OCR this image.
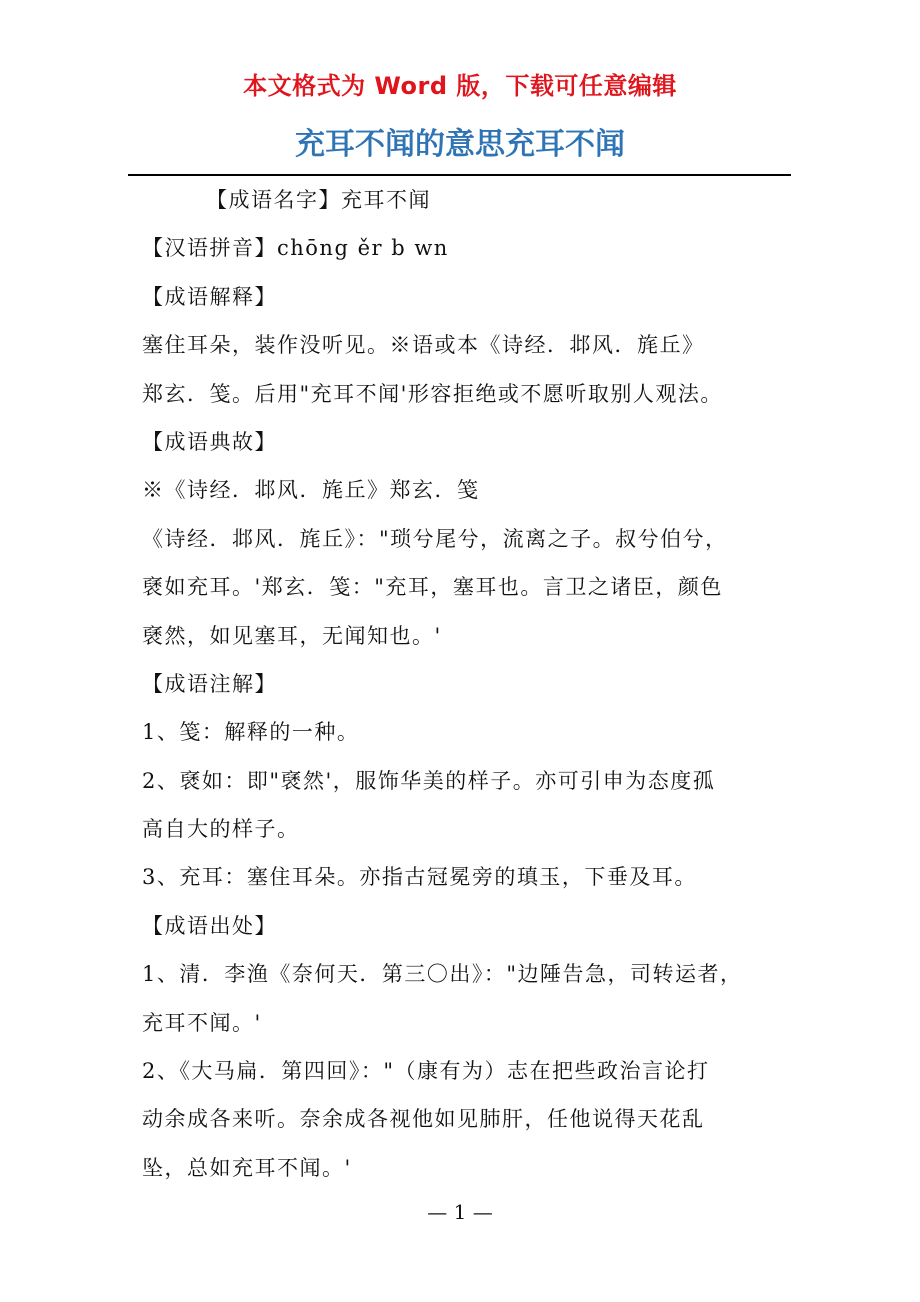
本文格式为 Word 版，下载可任意编辑
充耳不闻的意思充耳不闻
【成语名字】充耳不闻
【汉语拼音】chōng ěr b wn
【成语解释】
塞住耳朵，装作没听见。※语或本《诗经．邶风．旄丘》
郑玄．笺。后用"充耳不闻'形容拒绝或不愿听取别人观法。
【成语典故】
※《诗经．邶风．旄丘》郑玄．笺
《诗经．邶风．旄丘》："琐兮尾兮，流离之子。叔兮伯兮，
褎如充耳。'郑玄．笺："充耳，塞耳也。言卫之诸臣，颜色
褎然，如见塞耳，无闻知也。'
【成语注解】
1、笺：解释的一种。
2、褎如：即"褎然'，服饰华美的样子。亦可引申为态度孤
高自大的样子。
3、充耳：塞住耳朵。亦指古冠冕旁的瑱玉，下垂及耳。
【成语出处】
1、清．李渔《奈何天．第三〇出》："边陲告急，司转运者，
充耳不闻。'
2、《大马扁．第四回》："（康有为）志在把些政治言论打
动余成各来听。奈余成各视他如见肺肝，任他说得天花乱
坠，总如充耳不闻。'
— 1 —
